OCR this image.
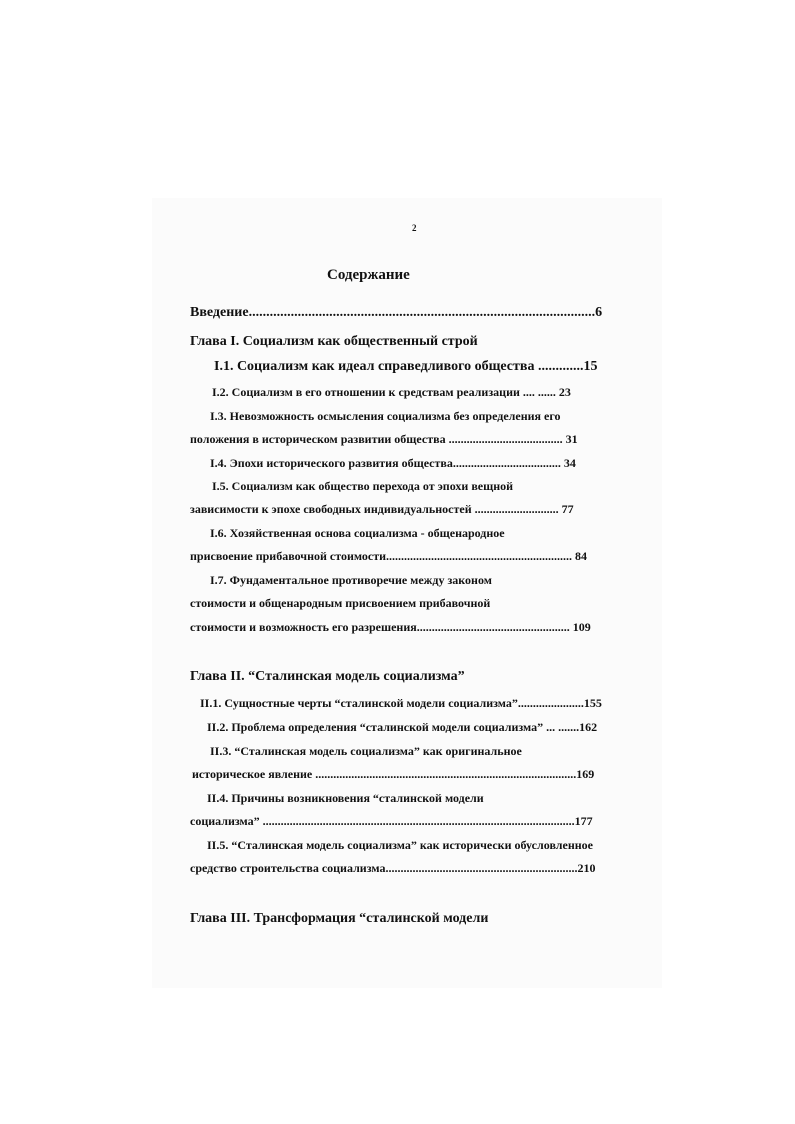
2
Содержание
Введение...................................................................................................6
Глава I. Социализм как общественный строй
I.1. Социализм как идеал справедливого общества .............15
I.2. Социализм в его отношении к средствам реализации .... ...... 23
I.3. Невозможность осмысления социализма без определения его
положения в историческом развитии общества ...................................... 31
I.4. Эпохи исторического развития общества.................................... 34
I.5. Социализм как общество перехода от эпохи вещной
зависимости к эпохе свободных индивидуальностей ............................ 77
I.6. Хозяйственная основа социализма - общенародное
присвоение прибавочной стоимости.............................................................. 84
I.7. Фундаментальное противоречие между законом
стоимости и общенародным присвоением прибавочной
стоимости и возможность его разрешения................................................... 109
Глава II. “Сталинская модель социализма”
II.1. Сущностные черты “сталинской модели социализма”......................155
II.2. Проблема определения “сталинской модели социализма” ... .......162
II.3. “Сталинская модель социализма” как оригинальное
историческое явление .......................................................................................169
II.4. Причины возникновения “сталинской модели
социализма” ........................................................................................................177
II.5. “Сталинская модель социализма” как исторически обусловленное
средство строительства социализма................................................................210
Глава III. Трансформация “сталинской модели
